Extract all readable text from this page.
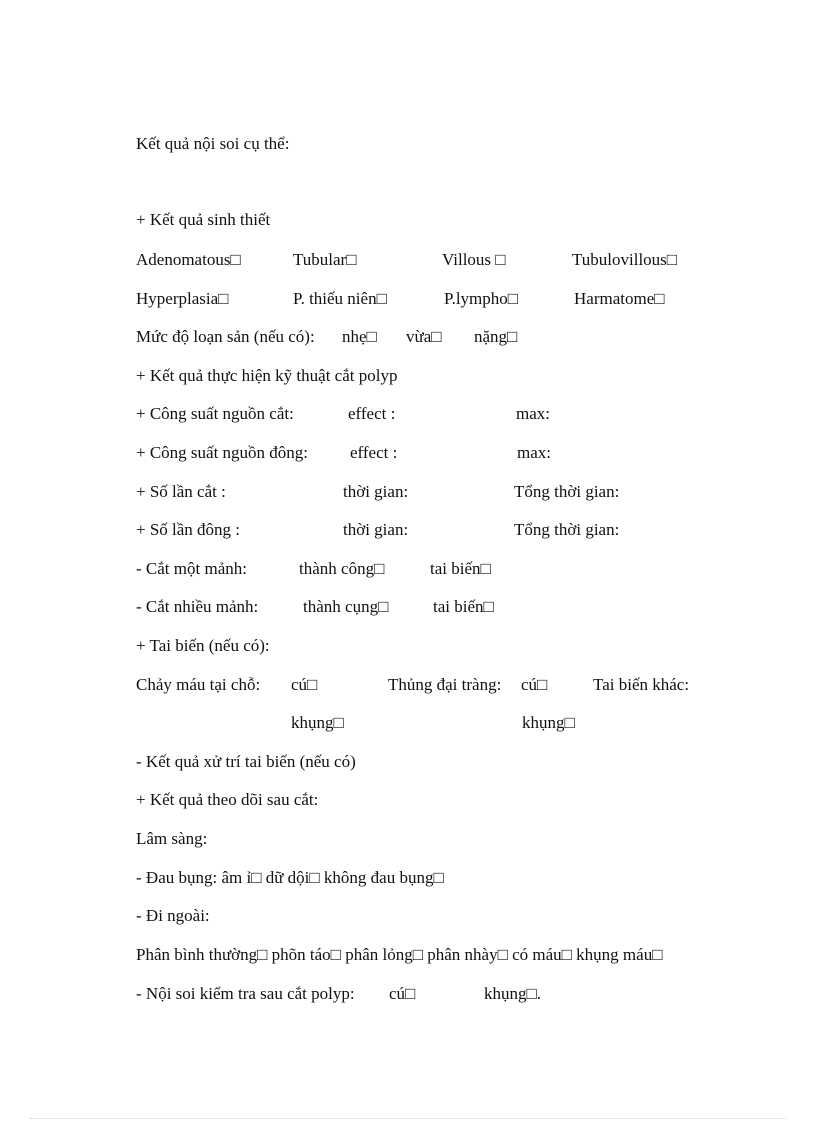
Kết quả nội soi cụ thể:
+ Kết quả sinh thiết
Adenomatous□	Tubular□	Villous □	Tubulovillous□
Hyperplasia□	P. thiếu niên□	P.lympho□	Harmatome□
Mức độ loạn sản (nếu có): nhẹ□ vừa□ nặng□
+ Kết quả thực hiện kỹ thuật cắt polyp
+ Công suất nguồn cắt:	effect :	max:
+ Công suất nguồn đông: effect :	max:
+ Số lần cắt :	thời gian:	Tổng thời gian:
+ Số lần đông :	thời gian:	Tổng thời gian:
- Cắt một mảnh:	thành công□	tai biến□
- Cắt nhiều mảnh:	thành cụng□	tai biến□
+ Tai biến (nếu có):
Chảy máu tại chỗ: cú□	Thủng đại tràng: cú□	Tai biến khác:
khụng□	khụng□
- Kết quả xử trí tai biến (nếu có)
+ Kết quả theo dõi sau cắt:
Lâm sàng:
- Đau bụng: âm ỉ□ dữ dội□ không đau bụng□
- Đi ngoài:
Phân bình thường□ phõn táo□ phân lỏng□ phân nhày□ có máu□ khụng máu□
- Nội soi kiểm tra sau cắt polyp: cú□	khụng□.
